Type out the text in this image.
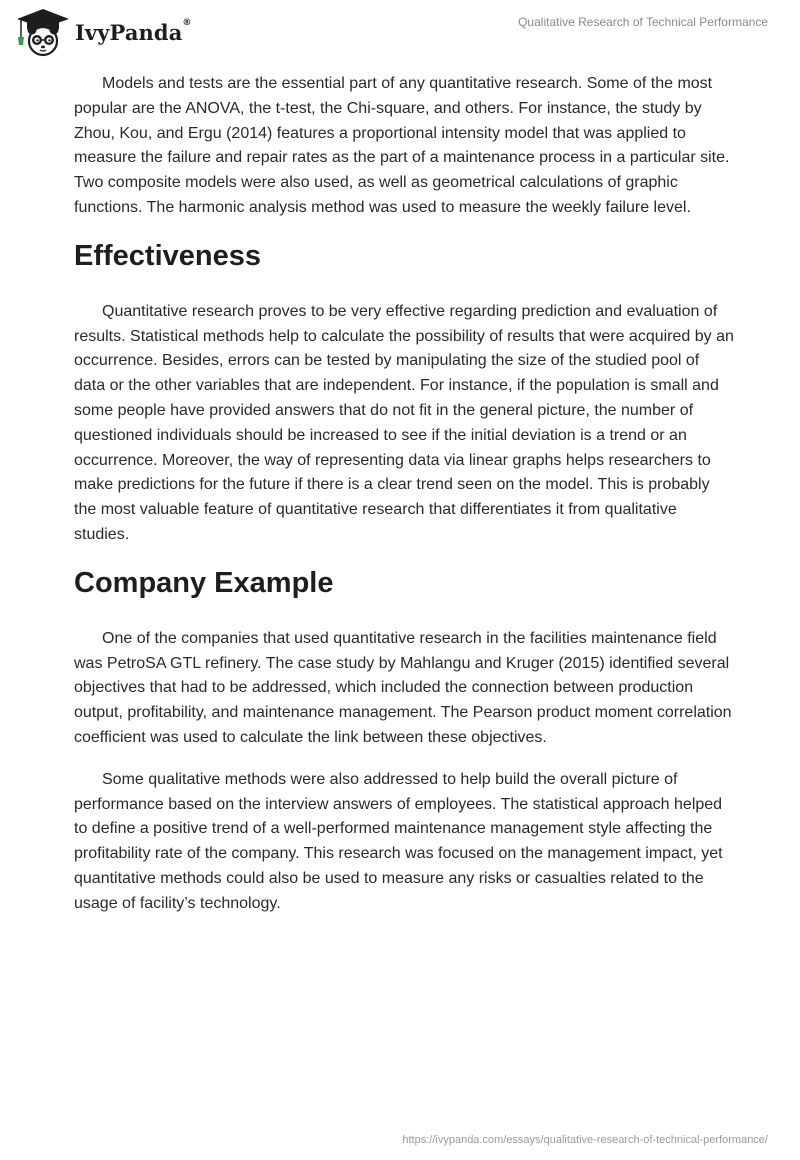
IvyPanda®	Qualitative Research of Technical Performance

Models and tests are the essential part of any quantitative research. Some of the most popular are the ANOVA, the t-test, the Chi-square, and others. For instance, the study by Zhou, Kou, and Ergu (2014) features a proportional intensity model that was applied to measure the failure and repair rates as the part of a maintenance process in a particular site. Two composite models were also used, as well as geometrical calculations of graphic functions. The harmonic analysis method was used to measure the weekly failure level.

Effectiveness

Quantitative research proves to be very effective regarding prediction and evaluation of results. Statistical methods help to calculate the possibility of results that were acquired by an occurrence. Besides, errors can be tested by manipulating the size of the studied pool of data or the other variables that are independent. For instance, if the population is small and some people have provided answers that do not fit in the general picture, the number of questioned individuals should be increased to see if the initial deviation is a trend or an occurrence. Moreover, the way of representing data via linear graphs helps researchers to make predictions for the future if there is a clear trend seen on the model. This is probably the most valuable feature of quantitative research that differentiates it from qualitative studies.

Company Example

One of the companies that used quantitative research in the facilities maintenance field was PetroSA GTL refinery. The case study by Mahlangu and Kruger (2015) identified several objectives that had to be addressed, which included the connection between production output, profitability, and maintenance management. The Pearson product moment correlation coefficient was used to calculate the link between these objectives.

Some qualitative methods were also addressed to help build the overall picture of performance based on the interview answers of employees. The statistical approach helped to define a positive trend of a well-performed maintenance management style affecting the profitability rate of the company. This research was focused on the management impact, yet quantitative methods could also be used to measure any risks or casualties related to the usage of facility’s technology.

https://ivypanda.com/essays/qualitative-research-of-technical-performance/
